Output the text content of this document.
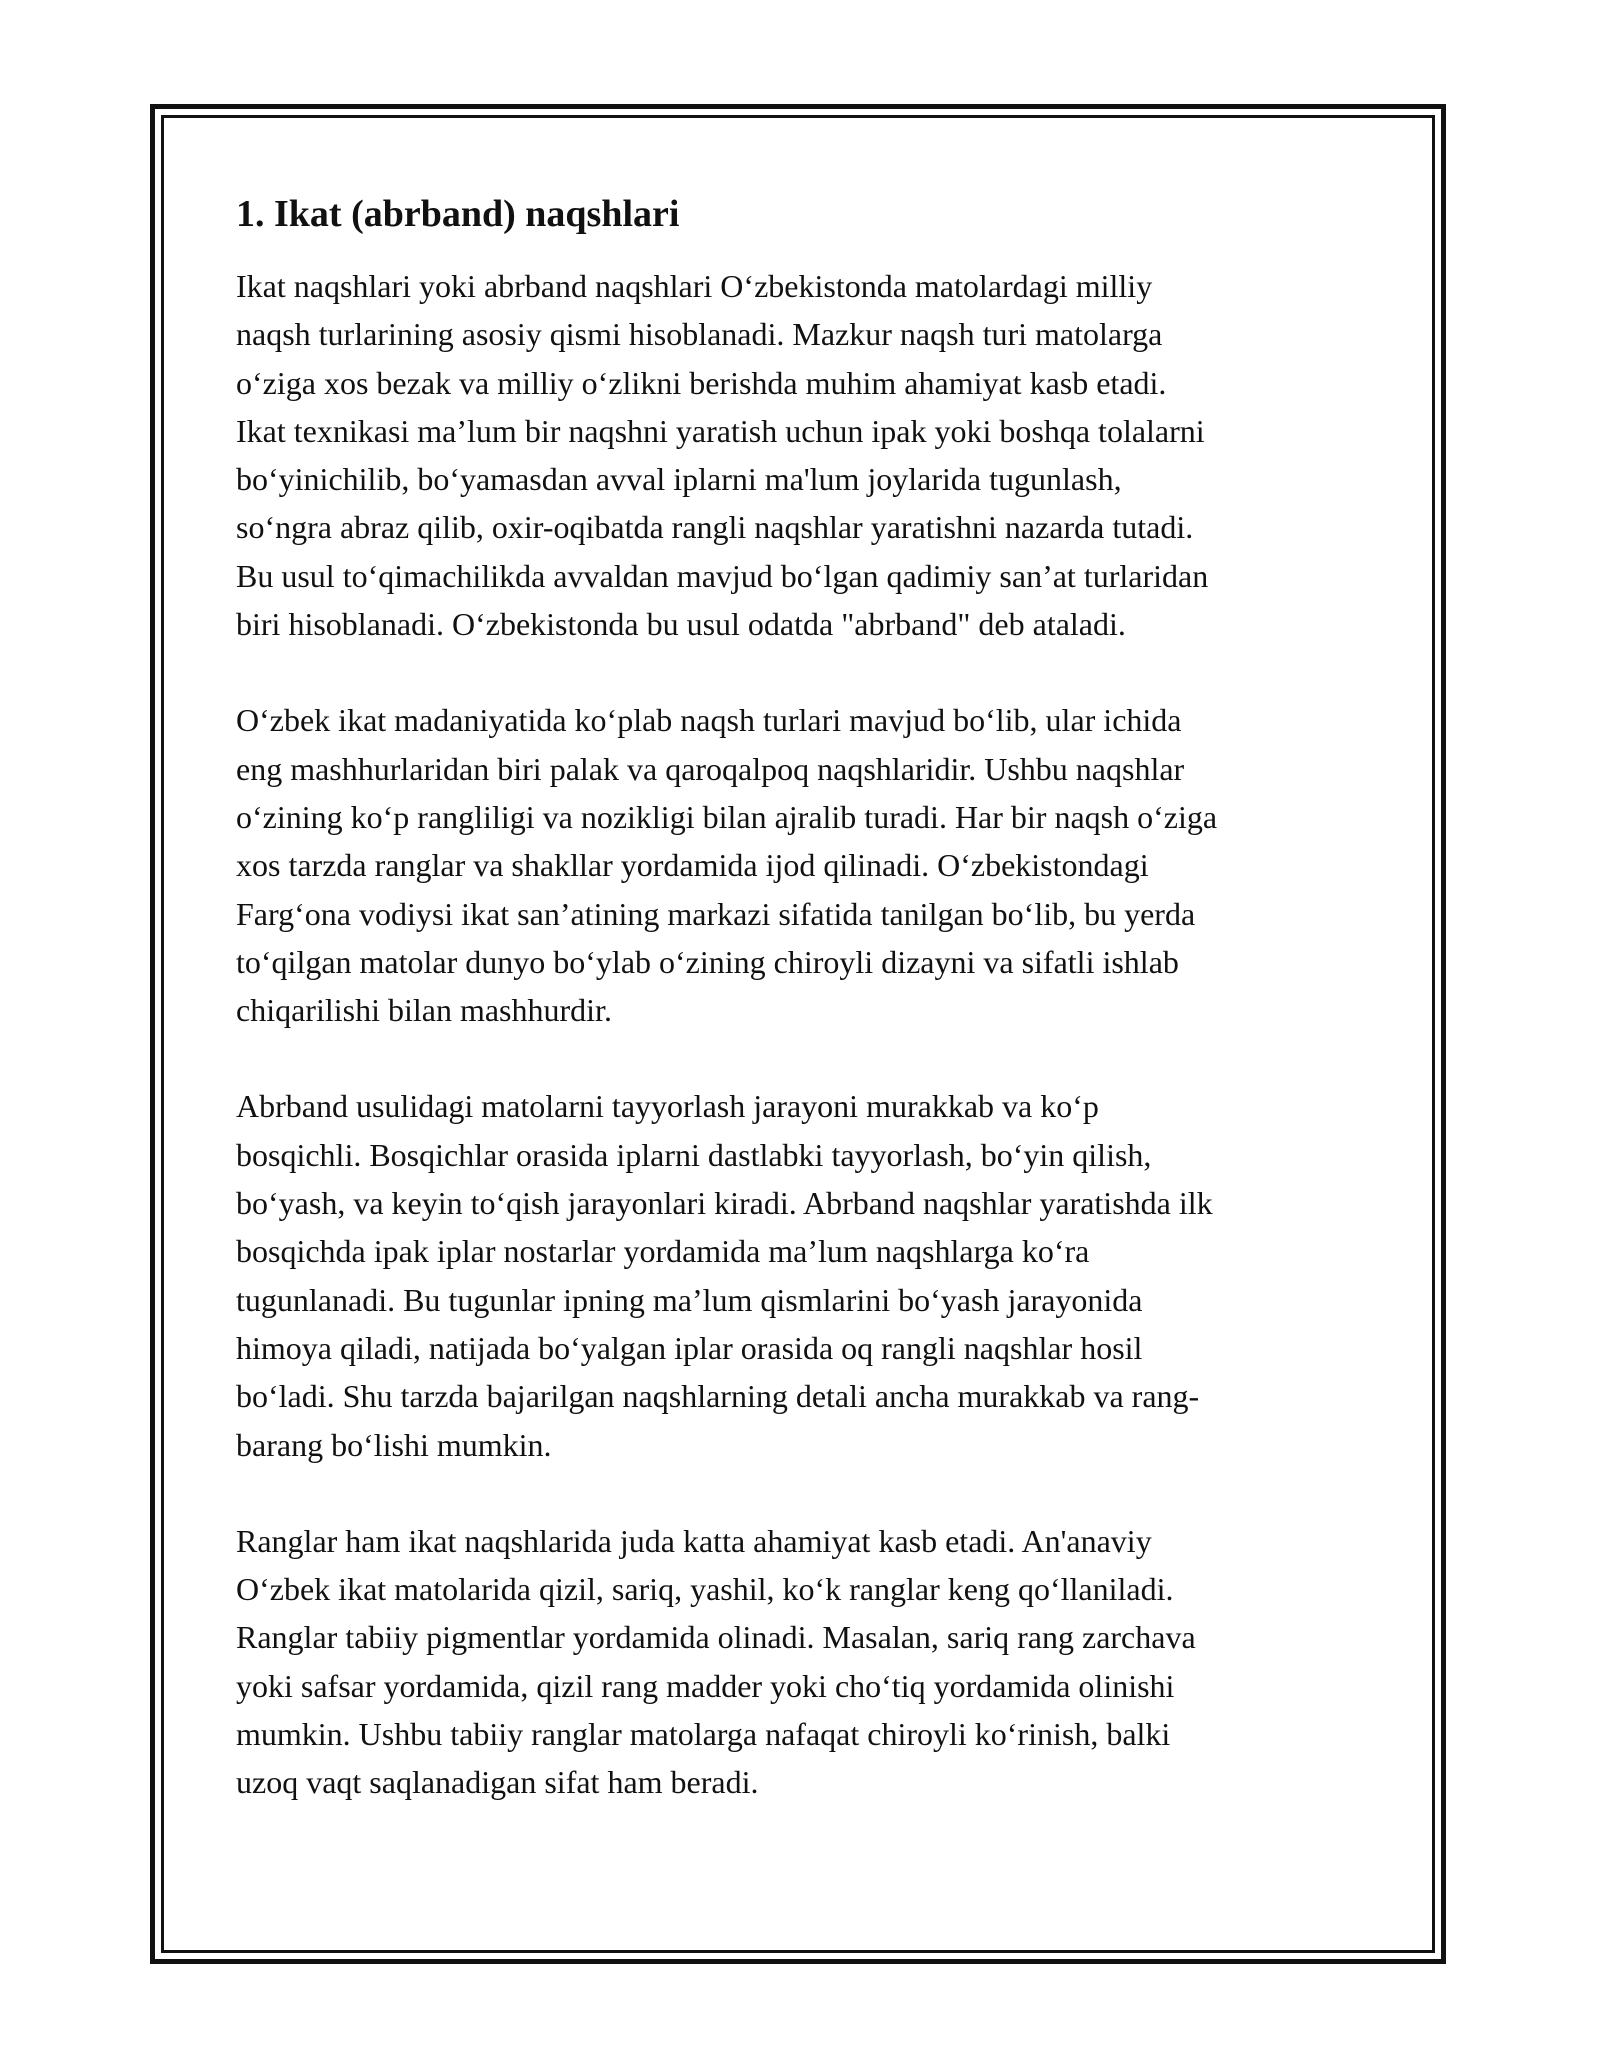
1. Ikat (abrband) naqshlari

Ikat naqshlari yoki abrband naqshlari O‘zbekistonda matolardagi milliy
naqsh turlarining asosiy qismi hisoblanadi. Mazkur naqsh turi matolarga
o‘ziga xos bezak va milliy o‘zlikni berishda muhim ahamiyat kasb etadi.
Ikat texnikasi ma’lum bir naqshni yaratish uchun ipak yoki boshqa tolalarni
bo‘yinichilib, bo‘yamasdan avval iplarni ma'lum joylarida tugunlash,
so‘ngra abraz qilib, oxir-oqibatda rangli naqshlar yaratishni nazarda tutadi.
Bu usul to‘qimachilikda avvaldan mavjud bo‘lgan qadimiy san’at turlaridan
biri hisoblanadi. O‘zbekistonda bu usul odatda "abrband" deb ataladi.

O‘zbek ikat madaniyatida ko‘plab naqsh turlari mavjud bo‘lib, ular ichida
eng mashhurlaridan biri palak va qaroqalpoq naqshlaridir. Ushbu naqshlar
o‘zining ko‘p rangliligi va nozikligi bilan ajralib turadi. Har bir naqsh o‘ziga
xos tarzda ranglar va shakllar yordamida ijod qilinadi. O‘zbekistondagi
Farg‘ona vodiysi ikat san’atining markazi sifatida tanilgan bo‘lib, bu yerda
to‘qilgan matolar dunyo bo‘ylab o‘zining chiroyli dizayni va sifatli ishlab
chiqarilishi bilan mashhurdir.

Abrband usulidagi matolarni tayyorlash jarayoni murakkab va ko‘p
bosqichli. Bosqichlar orasida iplarni dastlabki tayyorlash, bo‘yin qilish,
bo‘yash, va keyin to‘qish jarayonlari kiradi. Abrband naqshlar yaratishda ilk
bosqichda ipak iplar nostarlar yordamida ma’lum naqshlarga ko‘ra
tugunlanadi. Bu tugunlar ipning ma’lum qismlarini bo‘yash jarayonida
himoya qiladi, natijada bo‘yalgan iplar orasida oq rangli naqshlar hosil
bo‘ladi. Shu tarzda bajarilgan naqshlarning detali ancha murakkab va rang-
barang bo‘lishi mumkin.

Ranglar ham ikat naqshlarida juda katta ahamiyat kasb etadi. An'anaviy
O‘zbek ikat matolarida qizil, sariq, yashil, ko‘k ranglar keng qo‘llaniladi.
Ranglar tabiiy pigmentlar yordamida olinadi. Masalan, sariq rang zarchava
yoki safsar yordamida, qizil rang madder yoki cho‘tiq yordamida olinishi
mumkin. Ushbu tabiiy ranglar matolarga nafaqat chiroyli ko‘rinish, balki
uzoq vaqt saqlanadigan sifat ham beradi.
